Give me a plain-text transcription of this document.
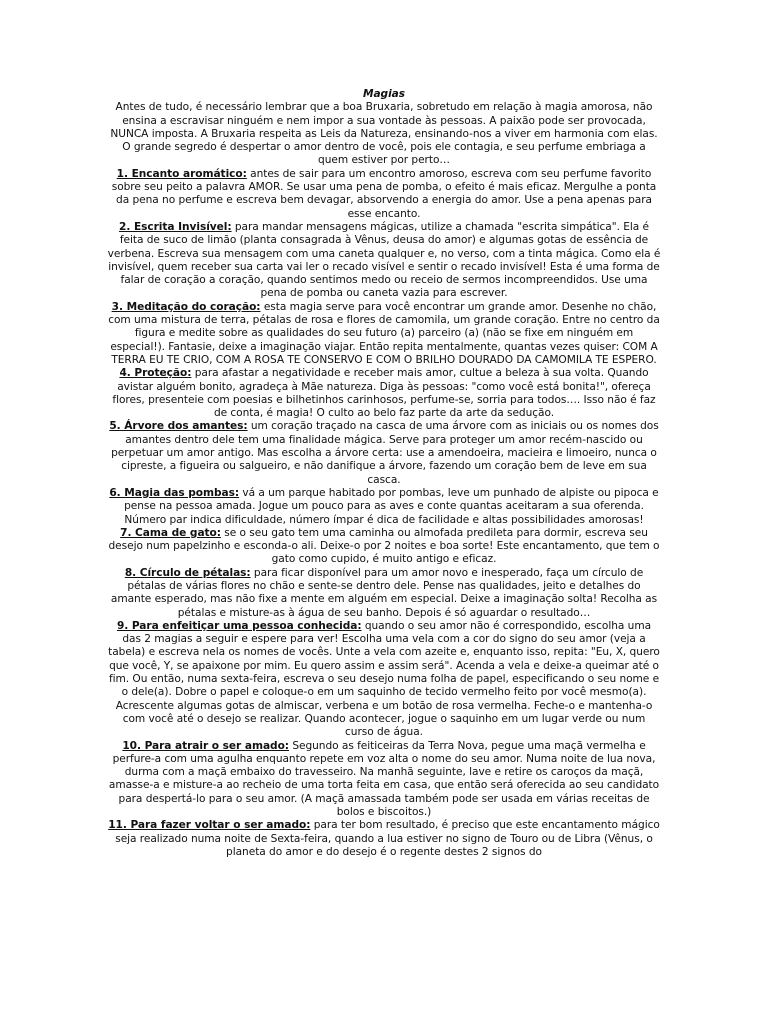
Magias

Antes de tudo, é necessário lembrar que a boa Bruxaria, sobretudo em relação à magia amorosa, não ensina a escravisar ninguém e nem impor a sua vontade às pessoas. A paixão pode ser provocada, NUNCA imposta. A Bruxaria respeita as Leis da Natureza, ensinando-nos a viver em harmonia com elas. O grande segredo é despertar o amor dentro de você, pois ele contagia, e seu perfume embriaga a quem estiver por perto…

1. Encanto aromático: antes de sair para um encontro amoroso, escreva com seu perfume favorito sobre seu peito a palavra AMOR. Se usar uma pena de pomba, o efeito é mais eficaz. Mergulhe a ponta da pena no perfume e escreva bem devagar, absorvendo a energia do amor. Use a pena apenas para esse encanto.

2. Escrita Invisível: para mandar mensagens mágicas, utilize a chamada "escrita simpática". Ela é feita de suco de limão (planta consagrada à Vênus, deusa do amor) e algumas gotas de essência de verbena. Escreva sua mensagem com uma caneta qualquer e, no verso, com a tinta mágica. Como ela é invisível, quem receber sua carta vai ler o recado visível e sentir o recado invisível! Esta é uma forma de falar de coração a coração, quando sentimos medo ou receio de sermos incompreendidos. Use uma pena de pomba ou caneta vazia para escrever.

3. Meditação do coração: esta magia serve para você encontrar um grande amor. Desenhe no chão, com uma mistura de terra, pétalas de rosa e flores de camomila, um grande coração. Entre no centro da figura e medite sobre as qualidades do seu futuro (a) parceiro (a) (não se fixe em ninguém em especial!). Fantasie, deixe a imaginação viajar. Então repita mentalmente, quantas vezes quiser: COM A TERRA EU TE CRIO, COM A ROSA TE CONSERVO E COM O BRILHO DOURADO DA CAMOMILA TE ESPERO.

4. Proteção: para afastar a negatividade e receber mais amor, cultue a beleza à sua volta. Quando avistar alguém bonito, agradeça à Mãe natureza. Diga às pessoas: "como você está bonita!", ofereça flores, presenteie com poesias e bilhetinhos carinhosos, perfume-se, sorria para todos…. Isso não é faz de conta, é magia! O culto ao belo faz parte da arte da sedução.

5. Árvore dos amantes: um coração traçado na casca de uma árvore com as iniciais ou os nomes dos amantes dentro dele tem uma finalidade mágica. Serve para proteger um amor recém-nascido ou perpetuar um amor antigo. Mas escolha a árvore certa: use a amendoeira, macieira e limoeiro, nunca o cipreste, a figueira ou salgueiro, e não danifique a árvore, fazendo um coração bem de leve em sua casca.

6. Magia das pombas: vá a um parque habitado por pombas, leve um punhado de alpiste ou pipoca e pense na pessoa amada. Jogue um pouco para as aves e conte quantas aceitaram a sua oferenda. Número par indica dificuldade, número ímpar é dica de facilidade e altas possibilidades amorosas!

7. Cama de gato: se o seu gato tem uma caminha ou almofada predileta para dormir, escreva seu desejo num papelzinho e esconda-o ali. Deixe-o por 2 noites e boa sorte! Este encantamento, que tem o gato como cupido, é muito antigo e eficaz.

8. Círculo de pétalas: para ficar disponível para um amor novo e inesperado, faça um círculo de pétalas de várias flores no chão e sente-se dentro dele. Pense nas qualidades, jeito e detalhes do amante esperado, mas não fixe a mente em alguém em especial. Deixe a imaginação solta! Recolha as pétalas e misture-as à água de seu banho. Depois é só aguardar o resultado…

9. Para enfeitiçar uma pessoa conhecida: quando o seu amor não é correspondido, escolha uma das 2 magias a seguir e espere para ver! Escolha uma vela com a cor do signo do seu amor (veja a tabela) e escreva nela os nomes de vocês. Unte a vela com azeite e, enquanto isso, repita: "Eu, X, quero que você, Y, se apaixone por mim. Eu quero assim e assim será". Acenda a vela e deixe-a queimar até o fim. Ou então, numa sexta-feira, escreva o seu desejo numa folha de papel, especificando o seu nome e o dele(a). Dobre o papel e coloque-o em um saquinho de tecido vermelho feito por você mesmo(a). Acrescente algumas gotas de almiscar, verbena e um botão de rosa vermelha. Feche-o e mantenha-o com você até o desejo se realizar. Quando acontecer, jogue o saquinho em um lugar verde ou num curso de água.

10. Para atrair o ser amado: Segundo as feiticeiras da Terra Nova, pegue uma maçã vermelha e perfure-a com uma agulha enquanto repete em voz alta o nome do seu amor. Numa noite de lua nova, durma com a maçã embaixo do travesseiro. Na manhã seguinte, lave e retire os caroços da maçã, amasse-a e misture-a ao recheio de uma torta feita em casa, que então será oferecida ao seu candidato para despertá-lo para o seu amor. (A maçã amassada também pode ser usada em várias receitas de bolos e biscoitos.)

11. Para fazer voltar o ser amado: para ter bom resultado, é preciso que este encantamento mágico seja realizado numa noite de Sexta-feira, quando a lua estiver no signo de Touro ou de Libra (Vênus, o planeta do amor e do desejo é o regente destes 2 signos do
